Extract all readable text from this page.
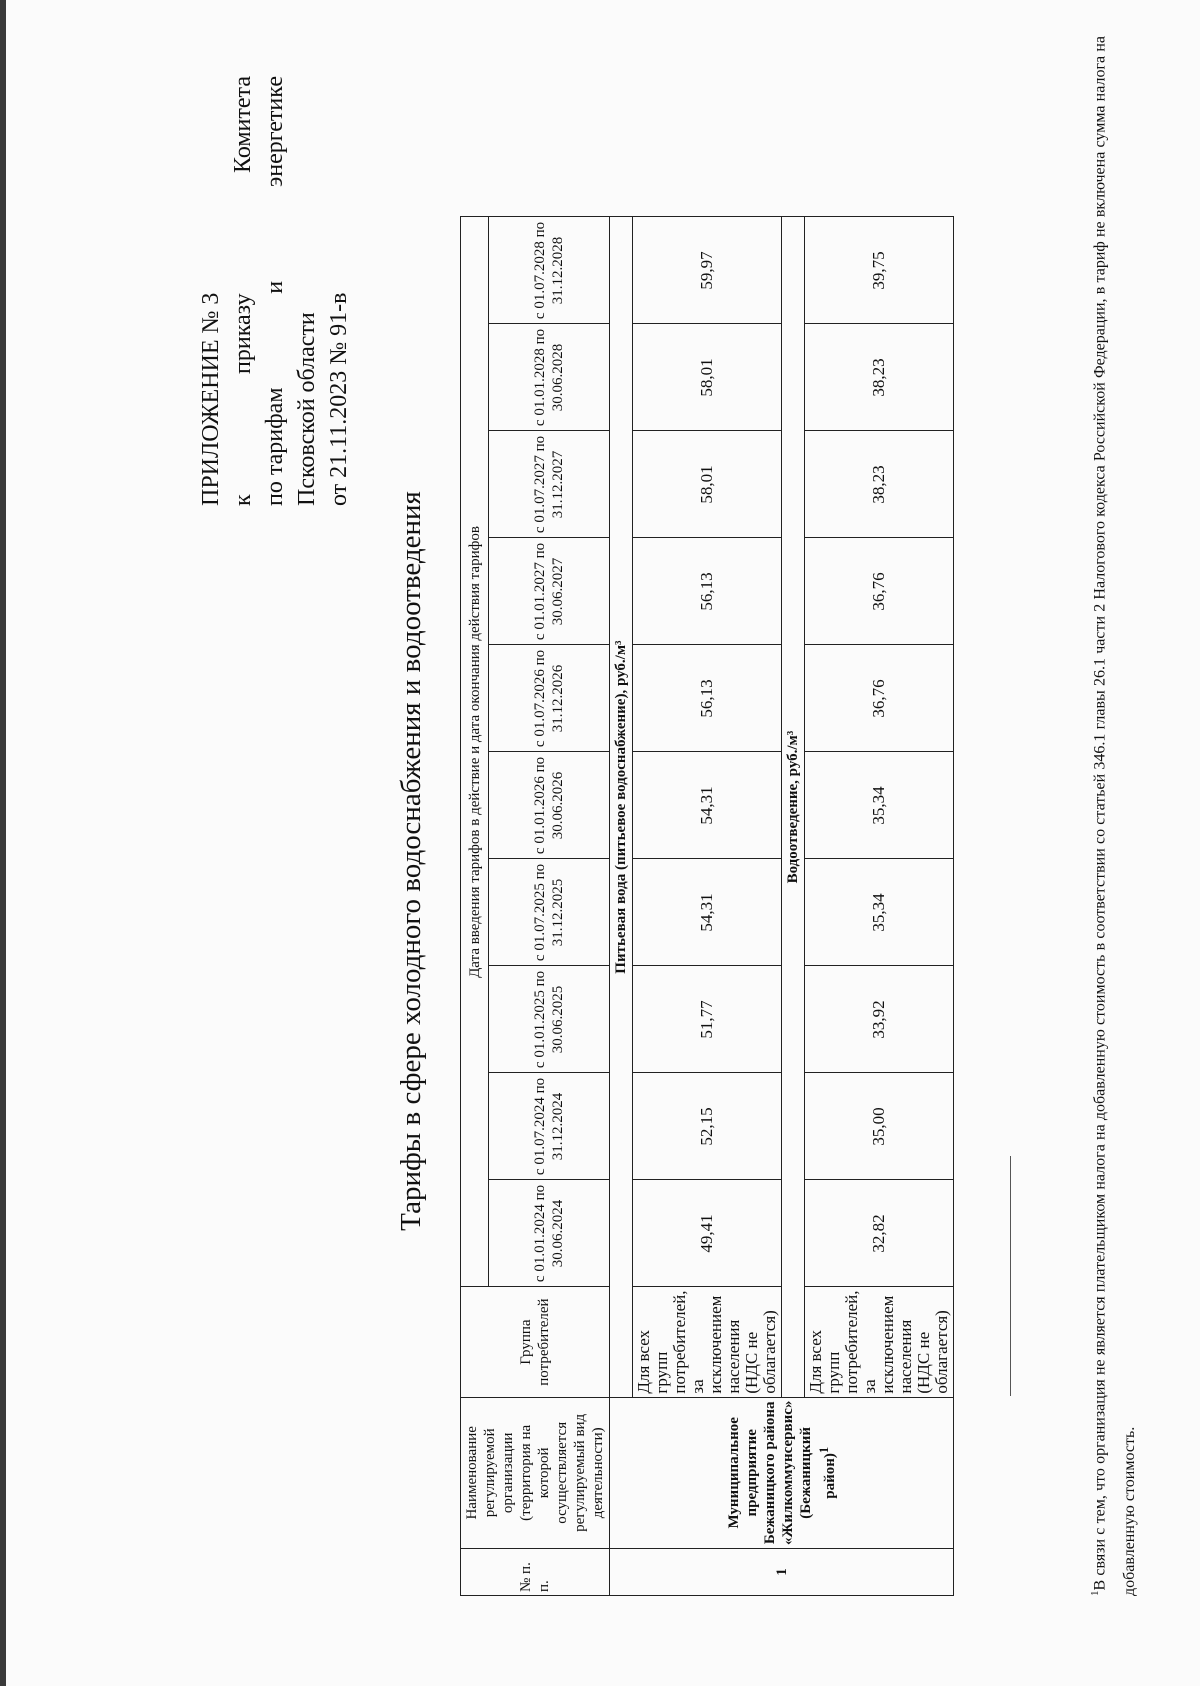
ПРИЛОЖЕНИЕ № 3 к
приказу
Комитета
по тарифам
и
энергетике
Псковской области от 21.11.2023 № 91-в
Тарифы в сфере холодного водоснабжения и водоотведения
№ п. п.	Наименование регулируемой организации (территория на которой осуществляется регулируемый вид деятельности)	Группа потребителей	Дата введения тарифов в действие и дата окончания действия тарифов									
			с 01.01.2024 по 30.06.2024	с 01.07.2024 по 31.12.2024	с 01.01.2025 по 30.06.2025	с 01.07.2025 по 31.12.2025	с 01.01.2026 по 30.06.2026	с 01.07.2026 по 31.12.2026	с 01.01.2027 по 30.06.2027	с 01.07.2027 по 31.12.2027	с 01.01.2028 по 30.06.2028	с 01.07.2028 по 31.12.2028
1	Муниципальное предприятие Бежаницкого района «Жилкоммунсервис» (Бежаницкий район)$^1$	Питьевая вода (питьевое водоснабжение), руб./м³										
		Для всех групп потребителей, за исключением населения (НДС не облагается)	49,41	52,15	51,77	54,31	54,31	56,13	56,13	58,01	58,01	59,97
		Водоотведение, руб./м³										
		Для всех групп потребителей, за исключением населения (НДС не облагается)	32,82	35,00	33,92	35,34	35,34	36,76	36,76	38,23	38,23	39,75
$^1$В связи с тем, что организация не является плательщиком налога на добавленную стоимость в соответствии со статьей 346.1 главы 26.1 части 2 Налогового кодекса Российской Федерации, в тариф не включена сумма налога на добавленную стоимость.
